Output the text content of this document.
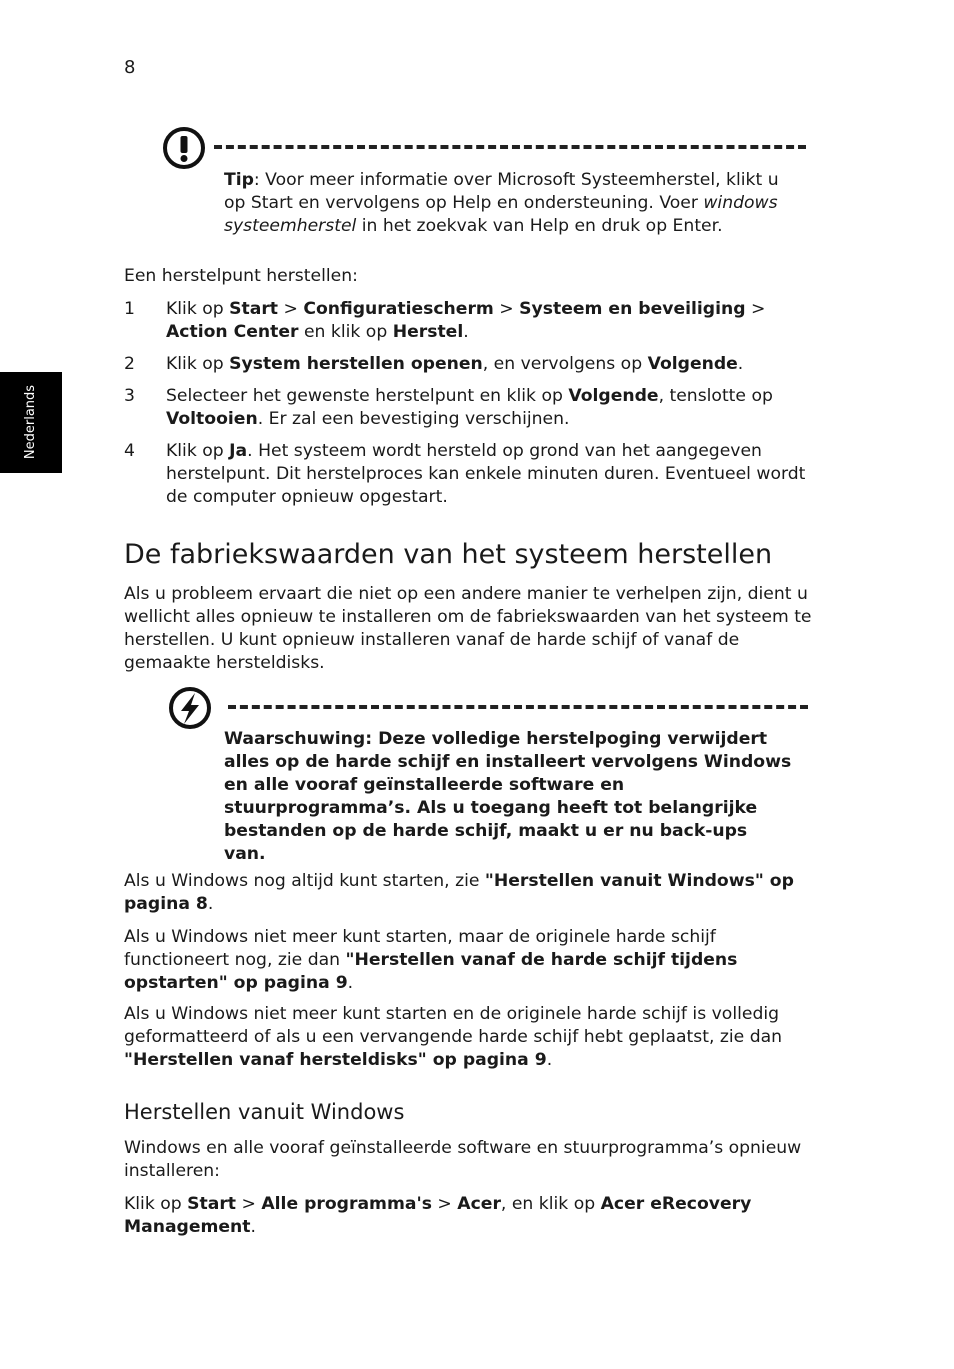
8
Nederlands

Tip: Voor meer informatie over Microsoft Systeemherstel, klikt u op Start en vervolgens op Help en ondersteuning. Voer windows systeemherstel in het zoekvak van Help en druk op Enter.

Een herstelpunt herstellen:

1 Klik op Start > Configuratiescherm > Systeem en beveiliging > Action Center en klik op Herstel.

2 Klik op System herstellen openen, en vervolgens op Volgende.

3 Selecteer het gewenste herstelpunt en klik op Volgende, tenslotte op Voltooien. Er zal een bevestiging verschijnen.

4 Klik op Ja. Het systeem wordt hersteld op grond van het aangegeven herstelpunt. Dit herstelproces kan enkele minuten duren. Eventueel wordt de computer opnieuw opgestart.

De fabriekswaarden van het systeem herstellen

Als u probleem ervaart die niet op een andere manier te verhelpen zijn, dient u wellicht alles opnieuw te installeren om de fabriekswaarden van het systeem te herstellen. U kunt opnieuw installeren vanaf de harde schijf of vanaf de gemaakte hersteldisks.

Waarschuwing: Deze volledige herstelpoging verwijdert alles op de harde schijf en installeert vervolgens Windows en alle vooraf geïnstalleerde software en stuurprogramma’s. Als u toegang heeft tot belangrijke bestanden op de harde schijf, maakt u er nu back-ups van.

Als u Windows nog altijd kunt starten, zie "Herstellen vanuit Windows" op pagina 8.

Als u Windows niet meer kunt starten, maar de originele harde schijf functioneert nog, zie dan "Herstellen vanaf de harde schijf tijdens opstarten" op pagina 9.

Als u Windows niet meer kunt starten en de originele harde schijf is volledig geformatteerd of als u een vervangende harde schijf hebt geplaatst, zie dan "Herstellen vanaf hersteldisks" op pagina 9.

Herstellen vanuit Windows

Windows en alle vooraf geïnstalleerde software en stuurprogramma’s opnieuw installeren:

Klik op Start > Alle programma's > Acer, en klik op Acer eRecovery Management.
